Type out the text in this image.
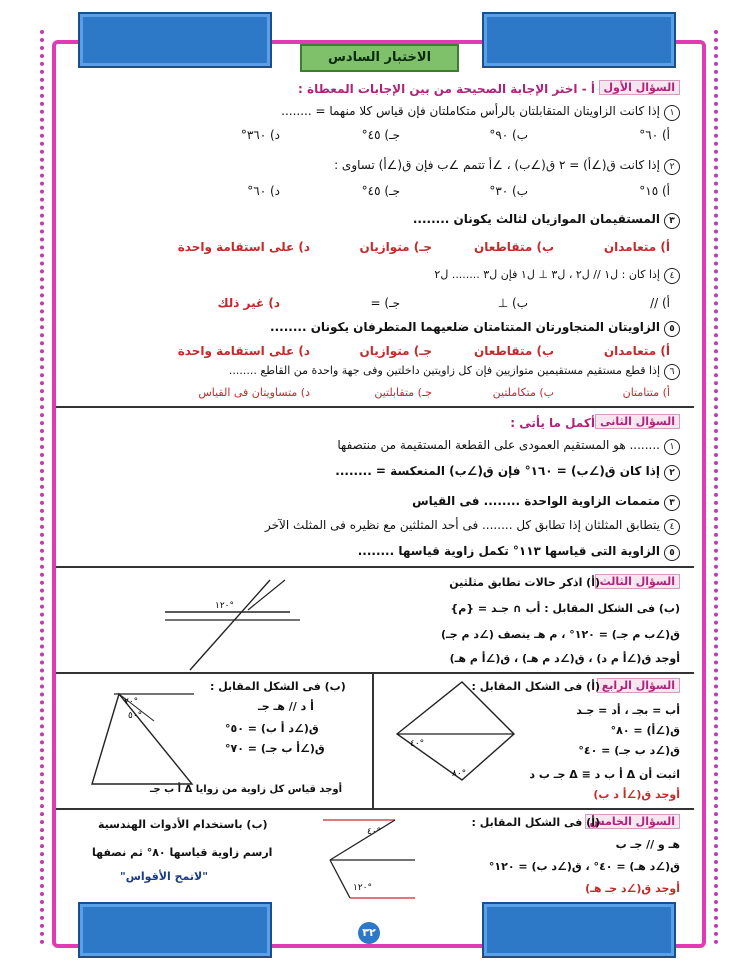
الاختبار السادس
السؤال الأول
أ - اختر الإجابة الصحيحة من بين الإجابات المعطاة :
١إذا كانت الزاويتان المتقابلتان بالرأس متكاملتان فإن قياس كلا منهما = ........
أ) ٦٠°
ب) ٩٠°
جـ) ٤٥°
د) ٣٦٠°
٢إذا كانت ق(∠أ) = ٢ ق(∠ب) ، ∠أ تتمم ∠ب فإن ق(∠أ) تساوى :
أ) ١٥°
ب) ٣٠°
جـ) ٤٥°
د) ٦٠°
٣المستقيمان الموازيان لثالث يكونان ........
أ) متعامدان
ب) متقاطعان
جـ) متوازيان
د) على استقامة واحدة
٤إذا كان : ل١ // ل٢ ، ل٣ ⊥ ل١ فإن ل٣ ........ ل٢
أ) //
ب) ⊥
جـ) =
د) غير ذلك
٥الزاويتان المتجاورتان المتتامتان ضلعيهما المتطرفان يكونان ........
أ) متعامدان
ب) متقاطعان
جـ) متوازيان
د) على استقامة واحدة
٦إذا قطع مستقيم مستقيمين متوازيين فإن كل زاويتين داخلتين وفى جهة واحدة من القاطع ........
أ) متتامتان
ب) متكاملتين
جـ) متقابلتين
د) متساويتان فى القياس
السؤال الثانى
أكمل ما يأتى :
١........ هو المستقيم العمودى على القطعة المستقيمة من منتصفها
٢إذا كان ق(∠ب) = ١٦٠° فإن ق(∠ب) المنعكسة = ........
٣متممات الزاوية الواحدة ........ فى القياس
٤يتطابق المثلثان إذا تطابق كل ........ فى أحد المثلثين مع نظيره فى المثلث الآخر
٥الزاوية التى قياسها ١١٣° تكمل زاوية قياسها ........
السؤال الثالث
(أ) اذكر حالات تطابق مثلثين
(ب) فى الشكل المقابل : أب ∩ جـد = {م}
ق(∠ب م جـ) = ١٢٠° ، م هـ ينصف (∠د م جـ)
أوجد ق(∠أ م د) ، ق(∠د م هـ) ، ق(∠أ م هـ)
١٢٠°
السؤال الرابع
(أ) فى الشكل المقابل :
أب = بجـ ، أد = جـد
ق(∠أ) = ٨٠°
ق(∠د ب جـ) = ٤٠°
اثبت أن Δ أ ب د ≡ Δ جـ ب د
أوجد ق(∠أ د ب)
٤٠°
٨٠°
(ب) فى الشكل المقابل :
أ د // هـ جـ
ق(∠د أ ب) = ٥٠°
ق(∠أ ب جـ) = ٧٠°
أوجد قياس كل زاوية من زوايا Δ أ ب جـ
٧٠°
٥٠°
السؤال الخامس
(أ) فى الشكل المقابل :
هـ و // جـ ب
ق(∠د هـ) = ٤٠° ، ق(∠د ب) = ١٢٠°
أوجد ق(∠د جـ هـ)
٤٠°
١٢٠°
(ب) باستخدام الأدوات الهندسية
ارسم زاوية قياسها ٨٠° ثم نصفها
"لاتمح الأقواس"
٣٢
